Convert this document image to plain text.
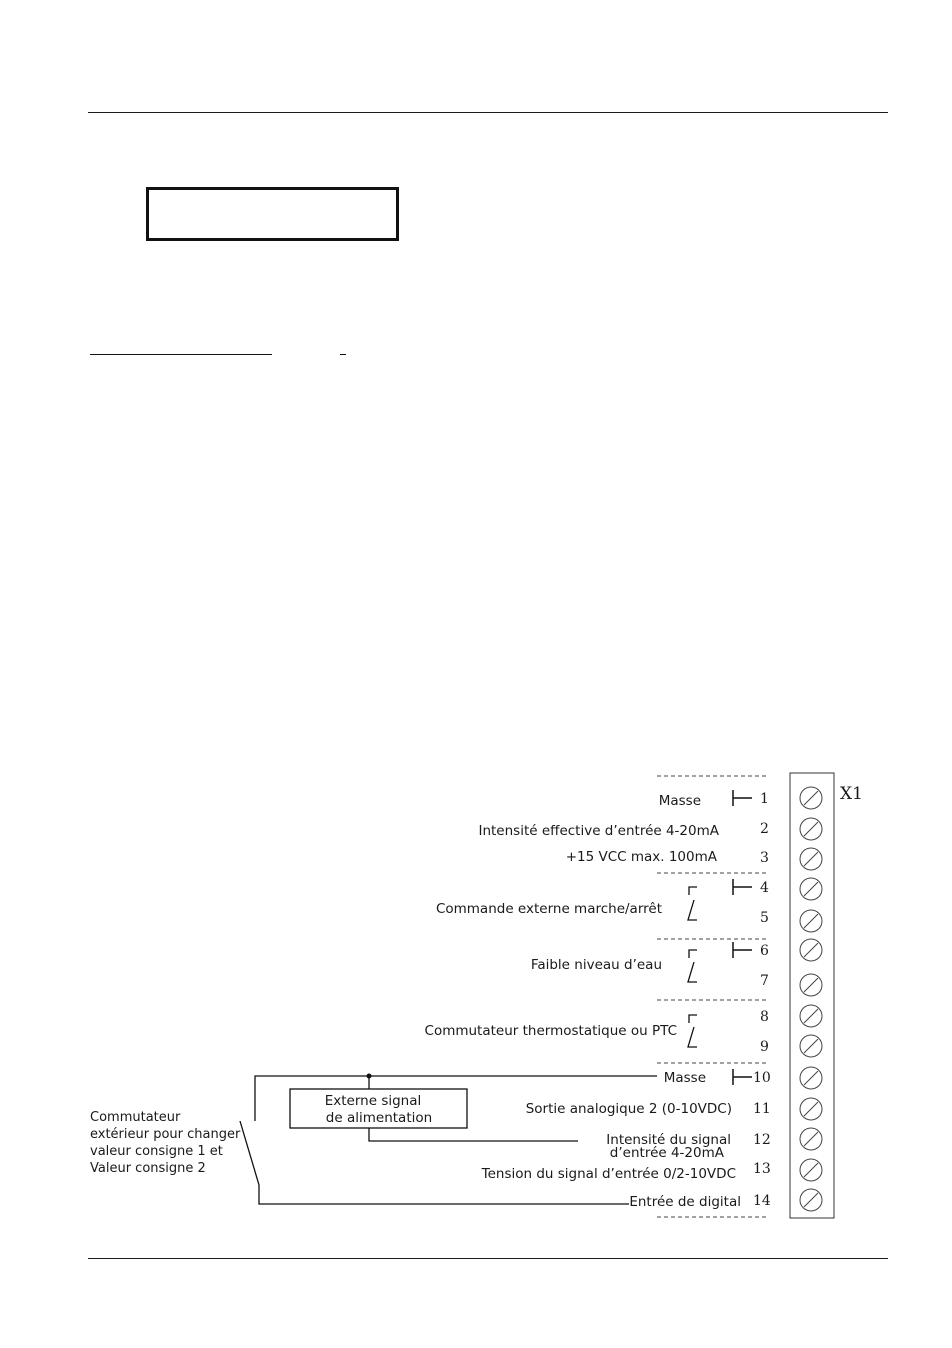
X1
1
2
3
4
5
6
7
8
9
10
11
12
13
14
Masse
Intensité effective d’entrée 4-20mA
+15 VCC max. 100mA
Commande externe marche/arrêt
Faible niveau d’eau
Commutateur thermostatique ou PTC
Masse
Sortie analogique 2 (0-10VDC)
Intensité du signal
d’entrée 4-20mA
Tension du signal d’entrée 0/2-10VDC
Entrée de digital
Externe signal
de alimentation
Commutateur
extérieur pour changer
valeur consigne 1 et
Valeur consigne 2
